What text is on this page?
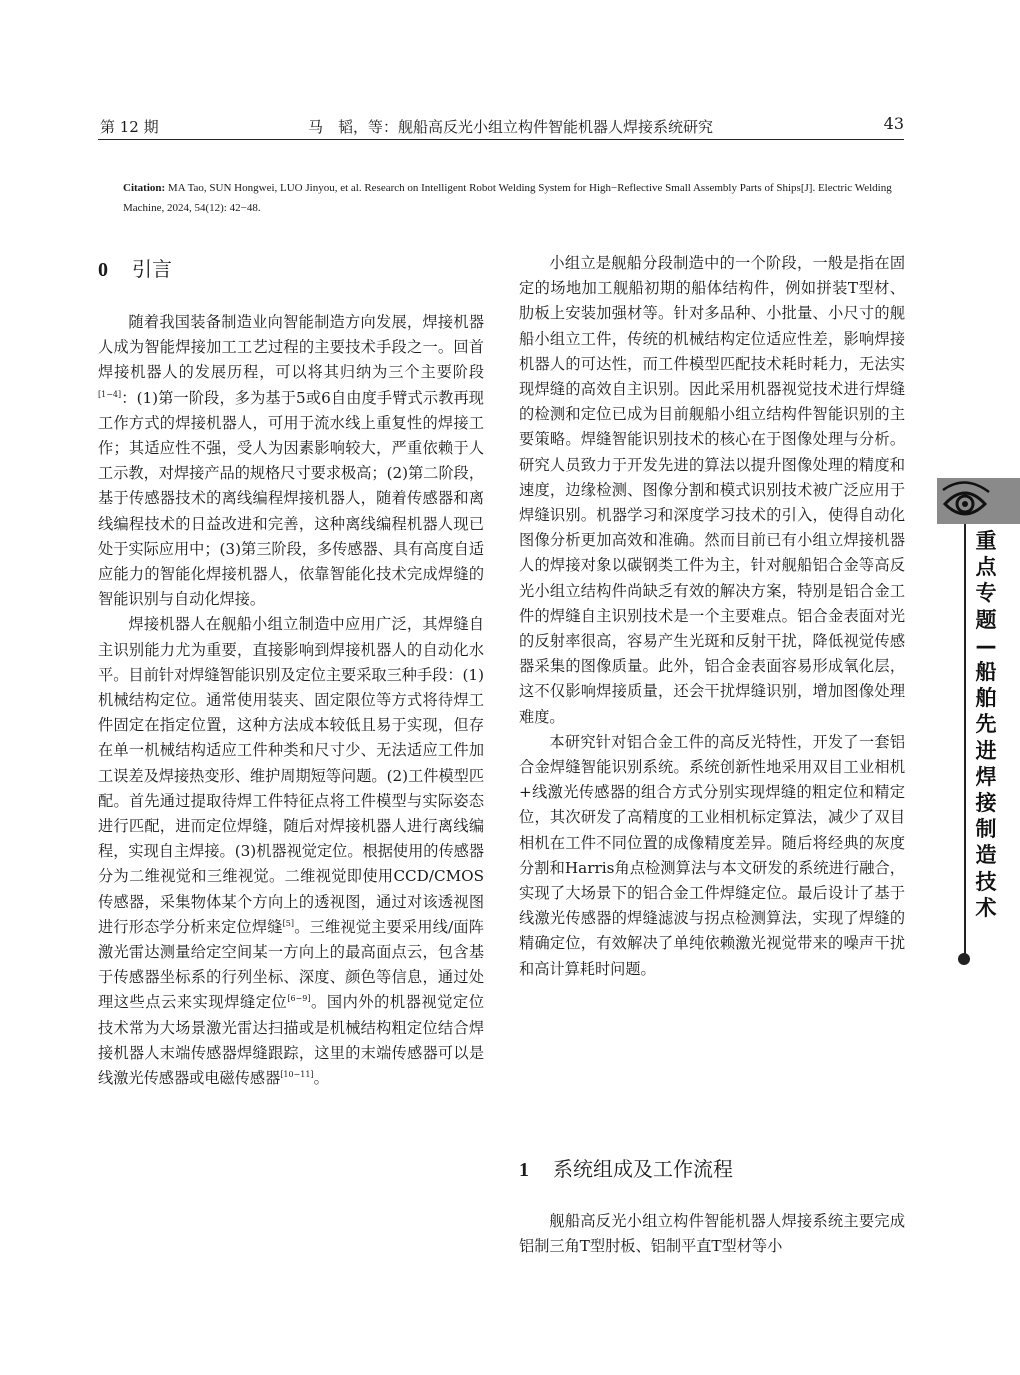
第 12 期	马　韬，等：舰船高反光小组立构件智能机器人焊接系统研究	43
Citation: MA Tao, SUN Hongwei, LUO Jinyou, et al. Research on Intelligent Robot Welding System for High−Reflective Small Assembly Parts of Ships[J]. Electric Welding Machine, 2024, 54(12): 42−48.
0 引言

随着我国装备制造业向智能制造方向发展，焊接机器人成为智能焊接加工工艺过程的主要技术手段之一。回首焊接机器人的发展历程，可以将其归纳为三个主要阶段[1−4]：(1)第一阶段，多为基于5或6自由度手臂式示教再现工作方式的焊接机器人，可用于流水线上重复性的焊接工作；其适应性不强，受人为因素影响较大，严重依赖于人工示教，对焊接产品的规格尺寸要求极高；(2)第二阶段，基于传感器技术的离线编程焊接机器人，随着传感器和离线编程技术的日益改进和完善，这种离线编程机器人现已处于实际应用中；(3)第三阶段，多传感器、具有高度自适应能力的智能化焊接机器人，依靠智能化技术完成焊缝的智能识别与自动化焊接。

焊接机器人在舰船小组立制造中应用广泛，其焊缝自主识别能力尤为重要，直接影响到焊接机器人的自动化水平。目前针对焊缝智能识别及定位主要采取三种手段：(1)机械结构定位。通常使用装夹、固定限位等方式将待焊工件固定在指定位置，这种方法成本较低且易于实现，但存在单一机械结构适应工件种类和尺寸少、无法适应工件加工误差及焊接热变形、维护周期短等问题。(2)工件模型匹配。首先通过提取待焊工件特征点将工件模型与实际姿态进行匹配，进而定位焊缝，随后对焊接机器人进行离线编程，实现自主焊接。(3)机器视觉定位。根据使用的传感器分为二维视觉和三维视觉。二维视觉即使用CCD/CMOS传感器，采集物体某个方向上的透视图，通过对该透视图进行形态学分析来定位焊缝[5]。三维视觉主要采用线/面阵激光雷达测量给定空间某一方向上的最高面点云，包含基于传感器坐标系的行列坐标、深度、颜色等信息，通过处理这些点云来实现焊缝定位[6−9]。国内外的机器视觉定位技术常为大场景激光雷达扫描或是机械结构粗定位结合焊接机器人末端传感器焊缝跟踪，这里的末端传感器可以是线激光传感器或电磁传感器[10−11]。

小组立是舰船分段制造中的一个阶段，一般是指在固定的场地加工舰船初期的船体结构件，例如拼装T型材、肋板上安装加强材等。针对多品种、小批量、小尺寸的舰船小组立工件，传统的机械结构定位适应性差，影响焊接机器人的可达性，而工件模型匹配技术耗时耗力，无法实现焊缝的高效自主识别。因此采用机器视觉技术进行焊缝的检测和定位已成为目前舰船小组立结构件智能识别的主要策略。焊缝智能识别技术的核心在于图像处理与分析。研究人员致力于开发先进的算法以提升图像处理的精度和速度，边缘检测、图像分割和模式识别技术被广泛应用于焊缝识别。机器学习和深度学习技术的引入，使得自动化图像分析更加高效和准确。然而目前已有小组立焊接机器人的焊接对象以碳钢类工件为主，针对舰船铝合金等高反光小组立结构件尚缺乏有效的解决方案，特别是铝合金工件的焊缝自主识别技术是一个主要难点。铝合金表面对光的反射率很高，容易产生光斑和反射干扰，降低视觉传感器采集的图像质量。此外，铝合金表面容易形成氧化层，这不仅影响焊接质量，还会干扰焊缝识别，增加图像处理难度。

本研究针对铝合金工件的高反光特性，开发了一套铝合金焊缝智能识别系统。系统创新性地采用双目工业相机+线激光传感器的组合方式分别实现焊缝的粗定位和精定位，其次研发了高精度的工业相机标定算法，减少了双目相机在工件不同位置的成像精度差异。随后将经典的灰度分割和Harris角点检测算法与本文研发的系统进行融合，实现了大场景下的铝合金工件焊缝定位。最后设计了基于线激光传感器的焊缝滤波与拐点检测算法，实现了焊缝的精确定位，有效解决了单纯依赖激光视觉带来的噪声干扰和高计算耗时问题。

1 系统组成及工作流程

舰船高反光小组立构件智能机器人焊接系统主要完成铝制三角T型肘板、铝制平直T型材等小

重
点
专
题
—
船
舶
先
进
焊
接
制
造
技
术
